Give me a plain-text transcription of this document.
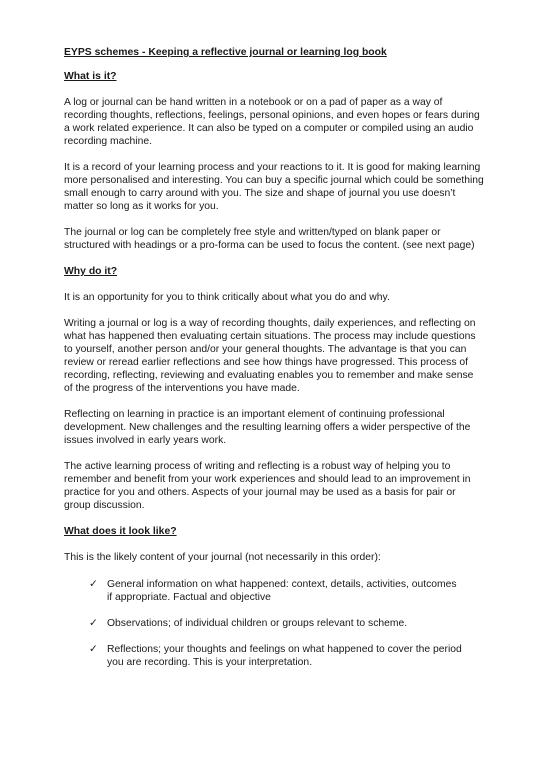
EYPS schemes - Keeping a reflective journal or learning log book

What is it?

A log or journal can be hand written in a notebook or on a pad of paper as a way of recording thoughts, reflections, feelings, personal opinions, and even hopes or fears during a work related experience. It can also be typed on a computer or compiled using an audio recording machine.

It is a record of your learning process and your reactions to it. It is good for making learning more personalised and interesting. You can buy a specific journal which could be something small enough to carry around with you. The size and shape of journal you use doesn’t matter so long as it works for you.

The journal or log can be completely free style and written/typed on blank paper or structured with headings or a pro-forma can be used to focus the content. (see next page)

Why do it?

It is an opportunity for you to think critically about what you do and why.

Writing a journal or log is a way of recording thoughts, daily experiences, and reflecting on what has happened then evaluating certain situations. The process may include questions to yourself, another person and/or your general thoughts. The advantage is that you can review or reread earlier reflections and see how things have progressed. This process of recording, reflecting, reviewing and evaluating enables you to remember and make sense of the progress of the interventions you have made.

Reflecting on learning in practice is an important element of continuing professional development. New challenges and the resulting learning offers a wider perspective of the issues involved in early years work.

The active learning process of writing and reflecting is a robust way of helping you to remember and benefit from your work experiences and should lead to an improvement in practice for you and others. Aspects of your journal may be used as a basis for pair or group discussion.

What does it look like?

This is the likely content of your journal (not necessarily in this order):

✓ General information on what happened: context, details, activities, outcomes if appropriate. Factual and objective
✓ Observations; of individual children or groups relevant to scheme.
✓ Reflections; your thoughts and feelings on what happened to cover the period you are recording. This is your interpretation.
